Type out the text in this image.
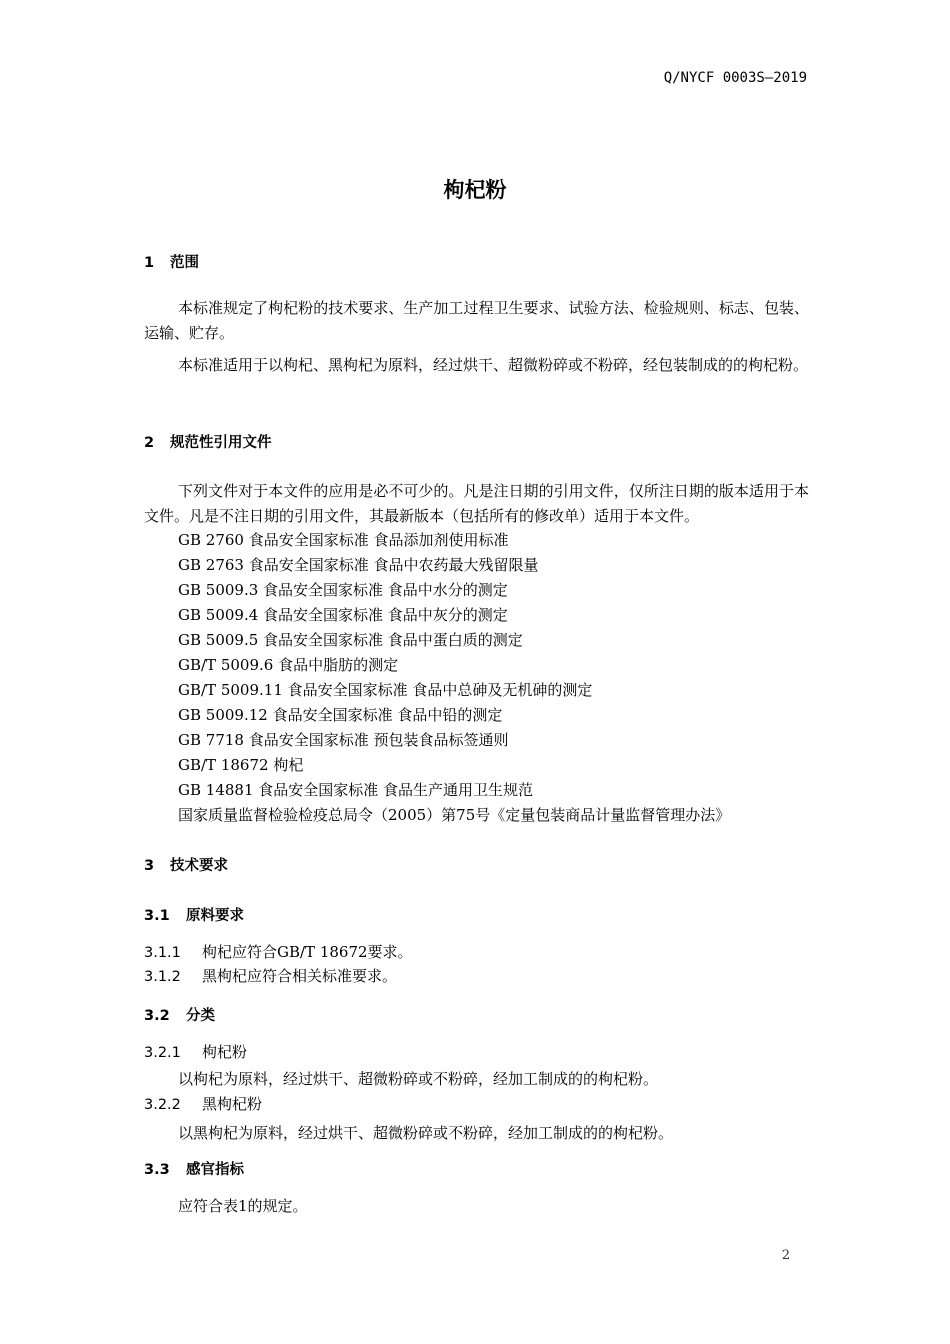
Q/NYCF 0003S—2019
枸杞粉
1 范围
本标准规定了枸杞粉的技术要求、生产加工过程卫生要求、试验方法、检验规则、标志、包装、运输、贮存。
本标准适用于以枸杞、黑枸杞为原料，经过烘干、超微粉碎或不粉碎，经包装制成的的枸杞粉。
2 规范性引用文件
下列文件对于本文件的应用是必不可少的。凡是注日期的引用文件，仅所注日期的版本适用于本文件。凡是不注日期的引用文件，其最新版本（包括所有的修改单）适用于本文件。
GB 2760 食品安全国家标准 食品添加剂使用标准
GB 2763 食品安全国家标准 食品中农药最大残留限量
GB 5009.3 食品安全国家标准 食品中水分的测定
GB 5009.4 食品安全国家标准 食品中灰分的测定
GB 5009.5 食品安全国家标准 食品中蛋白质的测定
GB/T 5009.6 食品中脂肪的测定
GB/T 5009.11 食品安全国家标准 食品中总砷及无机砷的测定
GB 5009.12 食品安全国家标准 食品中铅的测定
GB 7718 食品安全国家标准 预包装食品标签通则
GB/T 18672 枸杞
GB 14881 食品安全国家标准 食品生产通用卫生规范
国家质量监督检验检疫总局令（2005）第75号《定量包装商品计量监督管理办法》
3 技术要求
3.1 原料要求
3.1.1 枸杞应符合GB/T 18672要求。
3.1.2 黑枸杞应符合相关标准要求。
3.2 分类
3.2.1 枸杞粉
以枸杞为原料，经过烘干、超微粉碎或不粉碎，经加工制成的的枸杞粉。
3.2.2 黑枸杞粉
以黑枸杞为原料，经过烘干、超微粉碎或不粉碎，经加工制成的的枸杞粉。
3.3 感官指标
应符合表1的规定。
2
